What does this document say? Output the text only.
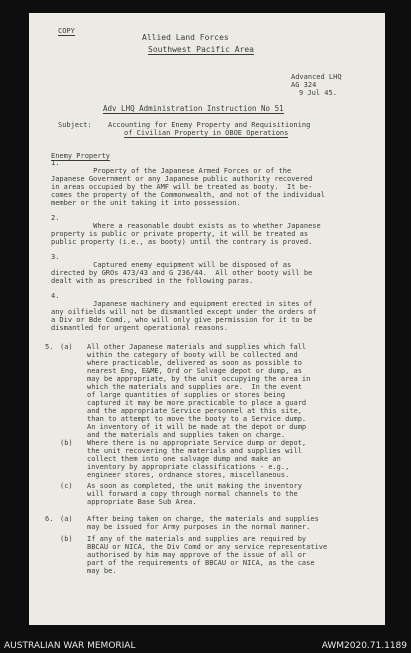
COPY
Allied Land Forces
Southwest Pacific Area
Advanced LHQ
AG 324
9 Jul 45.
Adv LHQ Administration Instruction No 51
Subject: Accounting for Enemy Property and Requisitioning
of Civilian Property in OBOE Operations
Enemy Property
1.
Property of the Japanese Armed Forces or of the
Japanese Government or any Japanese public authority recovered
in areas occupied by the AMF will be treated as booty.  It be-
comes the property of the Commonwealth, and not of the individual
member or the unit taking it into possession.
2.
Where a reasonable doubt exists as to whether Japanese
property is public or private property, it will be treated as
public property (i.e., as booty) until the contrary is proved.
3.
Captured enemy equipment will be disposed of as
directed by GROs 473/43 and G 236/44.  All other booty will be
dealt with as prescribed in the following paras.
4.
Japanese machinery and equipment erected in sites of
any oilfields will not be dismantled except under the orders of
a Div or Bde Comd., who will only give permission for it to be
dismantled for urgent operational reasons.
5. (a) All other Japanese materials and supplies which fall
within the category of booty will be collected and
where practicable, delivered as soon as possible to
nearest Eng, E&ME, Ord or Salvage depot or dump, as
may be appropriate, by the unit occupying the area in
which the materials and supplies are.  In the event
of large quantities of supplies or stores being
captured it may be more practicable to place a guard
and the appropriate Service personnel at this site,
than to attempt to move the booty to a Service dump.
An inventory of it will be made at the depot or dump
and the materials and supplies taken on charge.
(b) Where there is no appropriate Service dump or depot,
the unit recovering the materials and supplies will
collect them into one salvage dump and make an
inventory by appropriate classifications - e.g.,
engineer stores, ordnance stores, miscellaneous.
(c) As soon as completed, the unit making the inventory
will forward a copy through normal channels to the
appropriate Base Sub Area.
6. (a) After being taken on charge, the materials and supplies
may be issued for Army purposes in the normal manner.
(b) If any of the materials and supplies are required by
BBCAU or NICA, the Div Comd or any service representative
authorised by him may approve of the issue of all or
part of the requirements of BBCAU or NICA, as the case
may be.
AUSTRALIAN WAR MEMORIAL	AWM2020.71.1189
